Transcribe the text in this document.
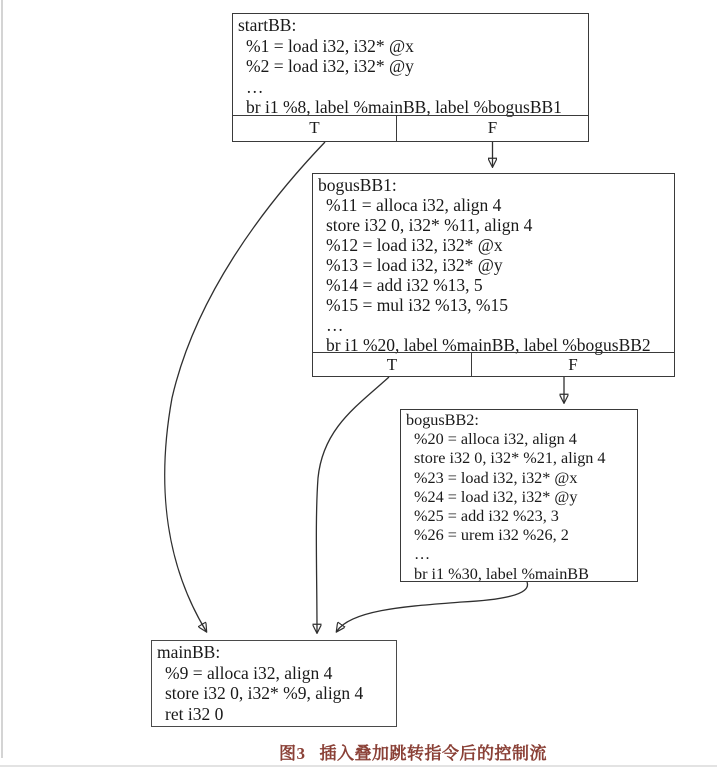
startBB:
%1 = load i32, i32* @x
%2 = load i32, i32* @y
…
br i1 %8, label %mainBB, label %bogusBB1
T	F
bogusBB1:
%11 = alloca i32, align 4
store i32 0, i32* %11, align 4
%12 = load i32, i32* @x
%13 = load i32, i32* @y
%14 = add i32 %13, 5
%15 = mul i32 %13, %15
…
br i1 %20, label %mainBB, label %bogusBB2
T	F
bogusBB2:
%20 = alloca i32, align 4
store i32 0, i32* %21, align 4
%23 = load i32, i32* @x
%24 = load i32, i32* @y
%25 = add i32 %23, 3
%26 = urem i32 %26, 2
…
br i1 %30, label %mainBB
mainBB:
%9 = alloca i32, align 4
store i32 0, i32* %9, align 4
ret i32 0
图3 插入叠加跳转指令后的控制流
